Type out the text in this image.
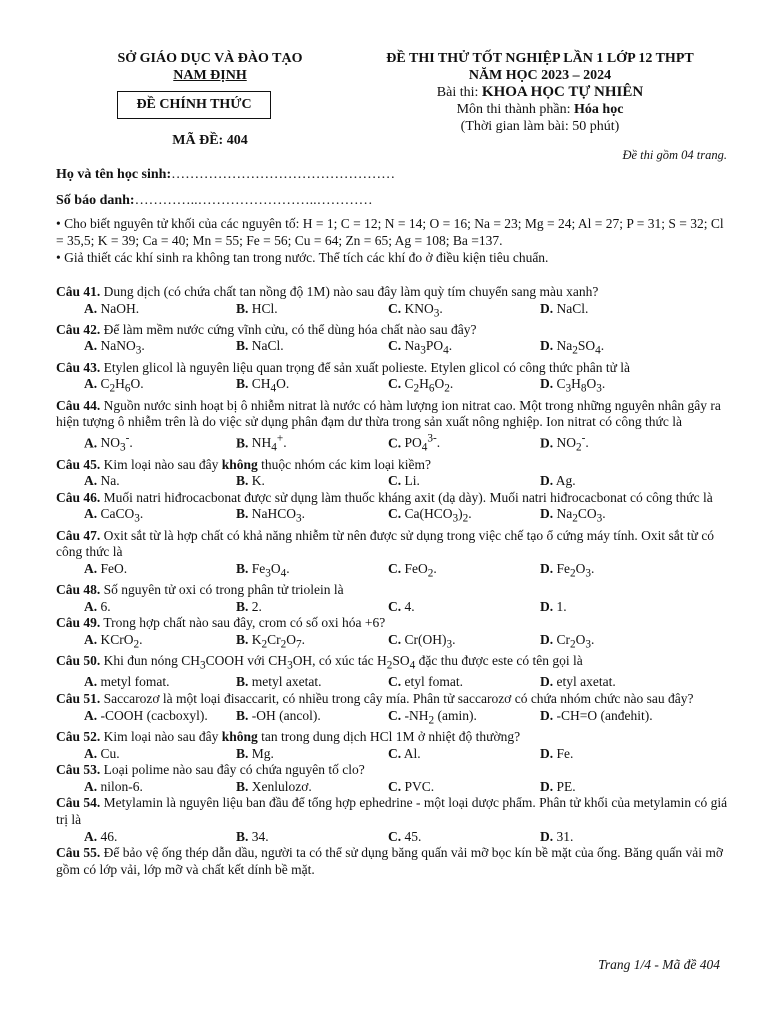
SỞ GIÁO DỤC VÀ ĐÀO TẠO
NAM ĐỊNH
ĐỀ CHÍNH THỨC
MÃ ĐỀ: 404
ĐỀ THI THỬ TỐT NGHIỆP LẦN 1 LỚP 12 THPT
NĂM HỌC 2023 – 2024
Bài thi: KHOA HỌC TỰ NHIÊN
Môn thi thành phần: Hóa học
(Thời gian làm bài: 50 phút)
Đề thi gồm 04 trang.
Họ và tên học sinh:…………………………………………
Số báo danh:…………..……………………..…………
• Cho biết nguyên tử khối của các nguyên tố: H = 1; C = 12; N = 14; O = 16; Na = 23; Mg = 24; Al = 27; P = 31; S = 32; Cl = 35,5; K = 39; Ca = 40; Mn = 55; Fe = 56; Cu = 64; Zn = 65; Ag = 108; Ba =137.
• Giả thiết các khí sinh ra không tan trong nước. Thể tích các khí đo ở điều kiện tiêu chuẩn.
Câu 41. Dung dịch (có chứa chất tan nồng độ 1M) nào sau đây làm quỳ tím chuyển sang màu xanh?
A. NaOH.	B. HCl.	C. $KNO_3$.	D. NaCl.
Câu 42. Để làm mềm nước cứng vĩnh cửu, có thể dùng hóa chất nào sau đây?
A. NaNO$_3$.	B. NaCl.	C. $Na_3PO_4$.	D. $Na_2SO_4$.
Câu 43. Etylen glicol là nguyên liệu quan trọng để sản xuất polieste. Etylen glicol có công thức phân tử là
A. $C_2H_6O$.	B. $CH_4O$.	C. $C_2H_6O_2$.	D. $C_3H_8O_3$.
Câu 44. Nguồn nước sinh hoạt bị ô nhiễm nitrat là nước có hàm lượng ion nitrat cao. Một trong những nguyên nhân gây ra hiện tượng ô nhiễm trên là do việc sử dụng phân đạm dư thừa trong sản xuất nông nghiệp. Ion nitrat có công thức là
A. $NO_3^-$.	B. $NH_4^+$.	C. $PO_4^{3-}$.	D. $NO_2^-$.
Câu 45. Kim loại nào sau đây không thuộc nhóm các kim loại kiềm?
A. Na.	B. K.	C. Li.	D. Ag.
Câu 46. Muối natri hiđrocacbonat được sử dụng làm thuốc kháng axit (dạ dày). Muối natri hiđrocacbonat có công thức là
A. CaCO$_3$.	B. NaHCO$_3$.	C. $Ca(HCO_3)_2$.	D. $Na_2CO_3$.
Câu 47. Oxit sắt từ là hợp chất có khả năng nhiễm từ nên được sử dụng trong việc chế tạo ổ cứng máy tính. Oxit sắt từ có công thức là
A. FeO.	B. $Fe_3O_4$.	C. FeO$_2$.	D. $Fe_2O_3$.
Câu 48. Số nguyên tử oxi có trong phân tử triolein là
A. 6.	B. 2.	C. 4.	D. 1.
Câu 49. Trong hợp chất nào sau đây, crom có số oxi hóa +6?
A. KCrO$_2$.	B. $K_2Cr_2O_7$.	C. $Cr(OH)_3$.	D. $Cr_2O_3$.
Câu 50. Khi đun nóng $CH_3COOH$ với $CH_3OH$, có xúc tác $H_2SO_4$ đặc thu được este có tên gọi là
A. metyl fomat.	B. metyl axetat.	C. etyl fomat.	D. etyl axetat.
Câu 51. Saccarozơ là một loại đisaccarit, có nhiều trong cây mía. Phân tử saccarozơ có chứa nhóm chức nào sau đây?
A. -COOH (cacboxyl).	B. -OH (ancol).	C. $-NH_2$ (amin).	D. -CH=O (anđehit).
Câu 52. Kim loại nào sau đây không tan trong dung dịch HCl 1M ở nhiệt độ thường?
A. Cu.	B. Mg.	C. Al.	D. Fe.
Câu 53. Loại polime nào sau đây có chứa nguyên tố clo?
A. nilon-6.	B. Xenlulozơ.	C. PVC.	D. PE.
Câu 54. Metylamin là nguyên liệu ban đầu để tổng hợp ephedrine - một loại dược phẩm. Phân tử khối của metylamin có giá trị là
A. 46.	B. 34.	C. 45.	D. 31.
Câu 55. Để bảo vệ ống thép dẫn dầu, người ta có thể sử dụng băng quấn vải mỡ bọc kín bề mặt của ống. Băng quấn vải mỡ gồm có lớp vải, lớp mỡ và chất kết dính bề mặt.
Trang 1/4 - Mã đề 404
